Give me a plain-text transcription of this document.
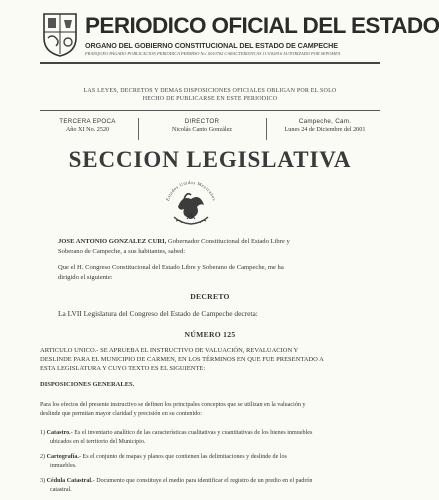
PERIODICO OFICIAL DEL ESTADO
ORGANO DEL GOBIERNO CONSTITUCIONAL DEL ESTADO DE CAMPECHE
FRANQUEO PAGADO PUBLICACION PERIODICA PERMISO No. 0010782 CARACTERISTICAS 113182816 AUTORIZADO POR SEPOMEX
LAS LEYES, DECRETOS Y DEMAS DISPOSICIONES OFICIALES OBLIGAN POR EL SOLO
HECHO DE PUBLICARSE EN ESTE PERIODICO
TERCERA EPOCA
Año XI No. 2520
DIRECTOR
Nicolás Canto González
Campeche, Cam.
Lunes 24 de Diciembre del 2001
SECCION LEGISLATIVA
Estados Unidos Mexicanos
JOSE ANTONIO GONZALEZ CURI, Gobernador Constitucional del Estado Libre y
Soberano de Campeche, a sus habitantes, sabed:
Que el H. Congreso Constitucional del Estado Libre y Soberano de Campeche, me ha
dirigido el siguiente:
DECRETO
La LVII Legislatura del Congreso del Estado de Campeche decreta:
NÚMERO 125
ARTICULO UNICO.- SE APRUEBA EL INSTRUCTIVO DE VALUACIÓN, REVALUACION Y
DESLINDE PARA EL MUNICIPIO DE CARMEN, EN LOS TÉRMINOS EN QUE FUE PRESENTADO A
ESTA LEGISLATURA Y CUYO TEXTO ES EL SIGUIENTE:
DISPOSICIONES GENERALES.
Para los efectos del presente instructivo se definen los principales conceptos que se utilizan en la valuación y
deslinde que permitan mayor claridad y precisión en su contenido:
1) Catastro.- Es el inventario analítico de las características cualitativas y cuantitativas de los bienes inmuebles
ubicados en el territorio del Municipio.
2) Cartografía.- Es el conjunto de mapas y planos que contienen las delimitaciones y deslinde de los
inmuebles.
3) Cédula Catastral.- Documento que constituye el medio para identificar el registro de un predio en el padrón
catastral.
